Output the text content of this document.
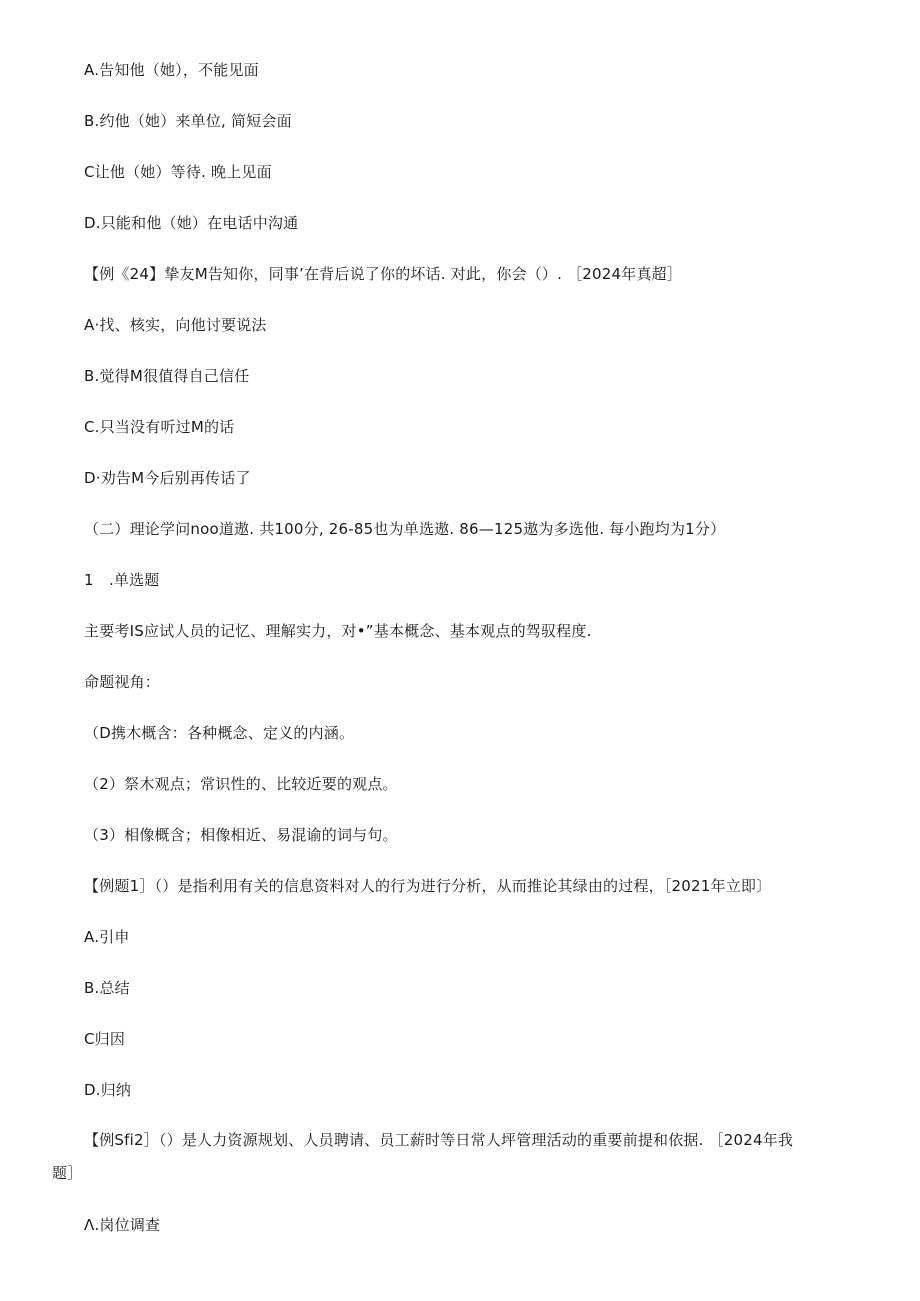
A.告知他（她），不能见面

B.约他（她）来单位, 简短会面

C让他（她）等待. 晚上见面

D.只能和他（她）在电话中沟通

【例《24】挚友M告知你，同事’在背后说了你的坏话. 对此，你会（）. ［2024年真超］

A·找、核实，向他讨要说法

B.觉得M很值得自己信任

C.只当没有听过M的话

D·劝告M今后别再传话了

（二）理论学问noo道遨. 共100分, 26-85也为单选遨. 86—125遨为多选他. 每小跑均为1分）

1　.单选题

主要考IS应试人员的记忆、理解实力，对•”基本概念、基本观点的驾驭程度.

命题视角：

（D携木概含：各种概念、定义的内涵。

（2）祭木观点；常识性的、比较近要的观点。

（3）相像概含；相像相近、易混谕的词与句。

【例题1］（）是指利用有关的信息资料对人的行为进行分析，从而推论其绿由的过程，［2021年立即〕

A.引申

B.总结

C归因

D.归纳

【例Sfi2］（）是人力资源规划、人员聘请、员工薪时等日常人坪管理活动的重要前提和依据. ［2024年我题］

Λ.岗位调查
